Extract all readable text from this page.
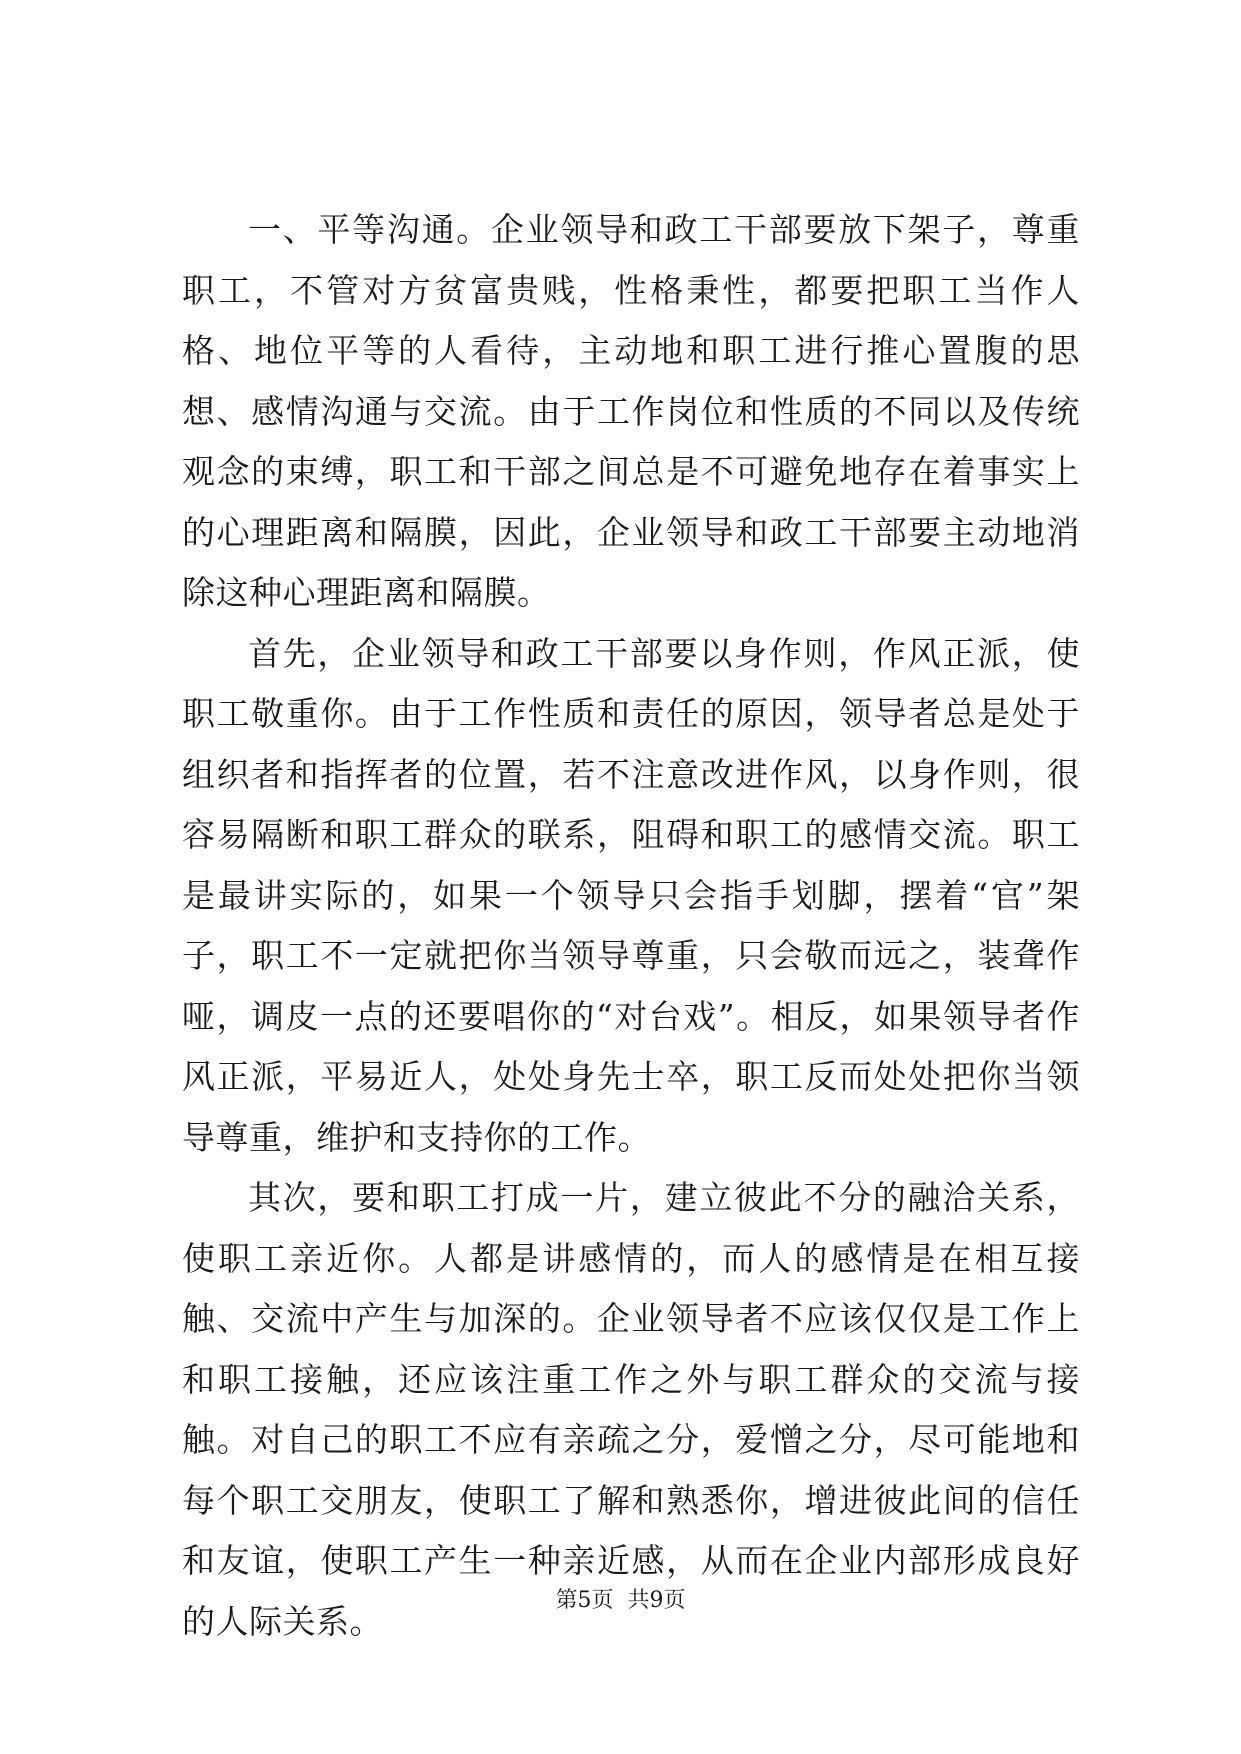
一、平等沟通。企业领导和政工干部要放下架子，尊重职工，不管对方贫富贵贱，性格秉性，都要把职工当作人格、地位平等的人看待，主动地和职工进行推心置腹的思想、感情沟通与交流。由于工作岗位和性质的不同以及传统观念的束缚，职工和干部之间总是不可避免地存在着事实上的心理距离和隔膜，因此，企业领导和政工干部要主动地消除这种心理距离和隔膜。

首先，企业领导和政工干部要以身作则，作风正派，使职工敬重你。由于工作性质和责任的原因，领导者总是处于组织者和指挥者的位置，若不注意改进作风，以身作则，很容易隔断和职工群众的联系，阻碍和职工的感情交流。职工是最讲实际的，如果一个领导只会指手划脚，摆着“官”架子，职工不一定就把你当领导尊重，只会敬而远之，装聋作哑，调皮一点的还要唱你的“对台戏”。相反，如果领导者作风正派，平易近人，处处身先士卒，职工反而处处把你当领导尊重，维护和支持你的工作。

其次，要和职工打成一片，建立彼此不分的融洽关系，使职工亲近你。人都是讲感情的，而人的感情是在相互接触、交流中产生与加深的。企业领导者不应该仅仅是工作上和职工接触，还应该注重工作之外与职工群众的交流与接触。对自己的职工不应有亲疏之分，爱憎之分，尽可能地和每个职工交朋友，使职工了解和熟悉你，增进彼此间的信任和友谊，使职工产生一种亲近感，从而在企业内部形成良好的人际关系。

第5页  共9页
